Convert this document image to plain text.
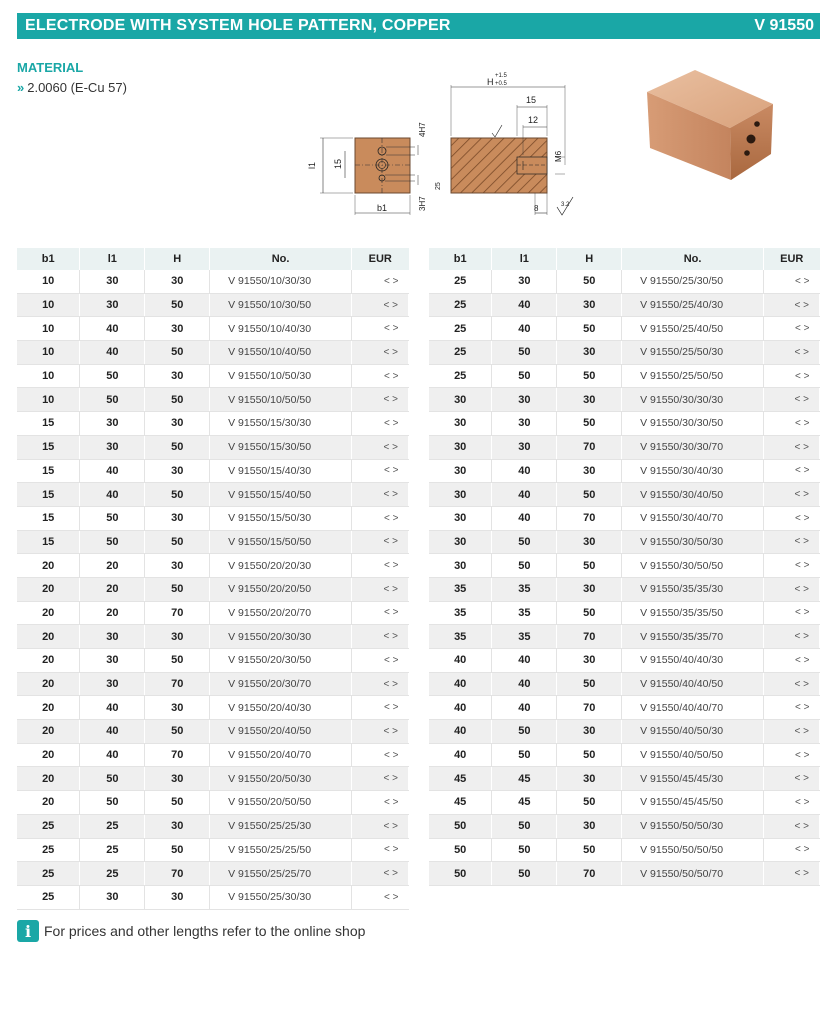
ELECTRODE WITH SYSTEM HOLE PATTERN, COPPER	V 91550
MATERIAL
» 2.0060 (E-Cu 57)
l1 15
b1
4H7
3H7
25
H
+1.5
+0.5
15
12
M6
8	3.2
b1	l1	H	No.	EUR
10	30	30	V 91550/10/30/30	< >
10	30	50	V 91550/10/30/50	< >
10	40	30	V 91550/10/40/30	< >
10	40	50	V 91550/10/40/50	< >
10	50	30	V 91550/10/50/30	< >
10	50	50	V 91550/10/50/50	< >
15	30	30	V 91550/15/30/30	< >
15	30	50	V 91550/15/30/50	< >
15	40	30	V 91550/15/40/30	< >
15	40	50	V 91550/15/40/50	< >
15	50	30	V 91550/15/50/30	< >
15	50	50	V 91550/15/50/50	< >
20	20	30	V 91550/20/20/30	< >
20	20	50	V 91550/20/20/50	< >
20	20	70	V 91550/20/20/70	< >
20	30	30	V 91550/20/30/30	< >
20	30	50	V 91550/20/30/50	< >
20	30	70	V 91550/20/30/70	< >
20	40	30	V 91550/20/40/30	< >
20	40	50	V 91550/20/40/50	< >
20	40	70	V 91550/20/40/70	< >
20	50	30	V 91550/20/50/30	< >
20	50	50	V 91550/20/50/50	< >
25	25	30	V 91550/25/25/30	< >
25	25	50	V 91550/25/25/50	< >
25	25	70	V 91550/25/25/70	< >
25	30	30	V 91550/25/30/30	< >
b1	l1	H	No.	EUR
25	30	50	V 91550/25/30/50	< >
25	40	30	V 91550/25/40/30	< >
25	40	50	V 91550/25/40/50	< >
25	50	30	V 91550/25/50/30	< >
25	50	50	V 91550/25/50/50	< >
30	30	30	V 91550/30/30/30	< >
30	30	50	V 91550/30/30/50	< >
30	30	70	V 91550/30/30/70	< >
30	40	30	V 91550/30/40/30	< >
30	40	50	V 91550/30/40/50	< >
30	40	70	V 91550/30/40/70	< >
30	50	30	V 91550/30/50/30	< >
30	50	50	V 91550/30/50/50	< >
35	35	30	V 91550/35/35/30	< >
35	35	50	V 91550/35/35/50	< >
35	35	70	V 91550/35/35/70	< >
40	40	30	V 91550/40/40/30	< >
40	40	50	V 91550/40/40/50	< >
40	40	70	V 91550/40/40/70	< >
40	50	30	V 91550/40/50/30	< >
40	50	50	V 91550/40/50/50	< >
45	45	30	V 91550/45/45/30	< >
45	45	50	V 91550/45/45/50	< >
50	50	30	V 91550/50/50/30	< >
50	50	50	V 91550/50/50/50	< >
50	50	70	V 91550/50/50/70	< >
i For prices and other lengths refer to the online shop
